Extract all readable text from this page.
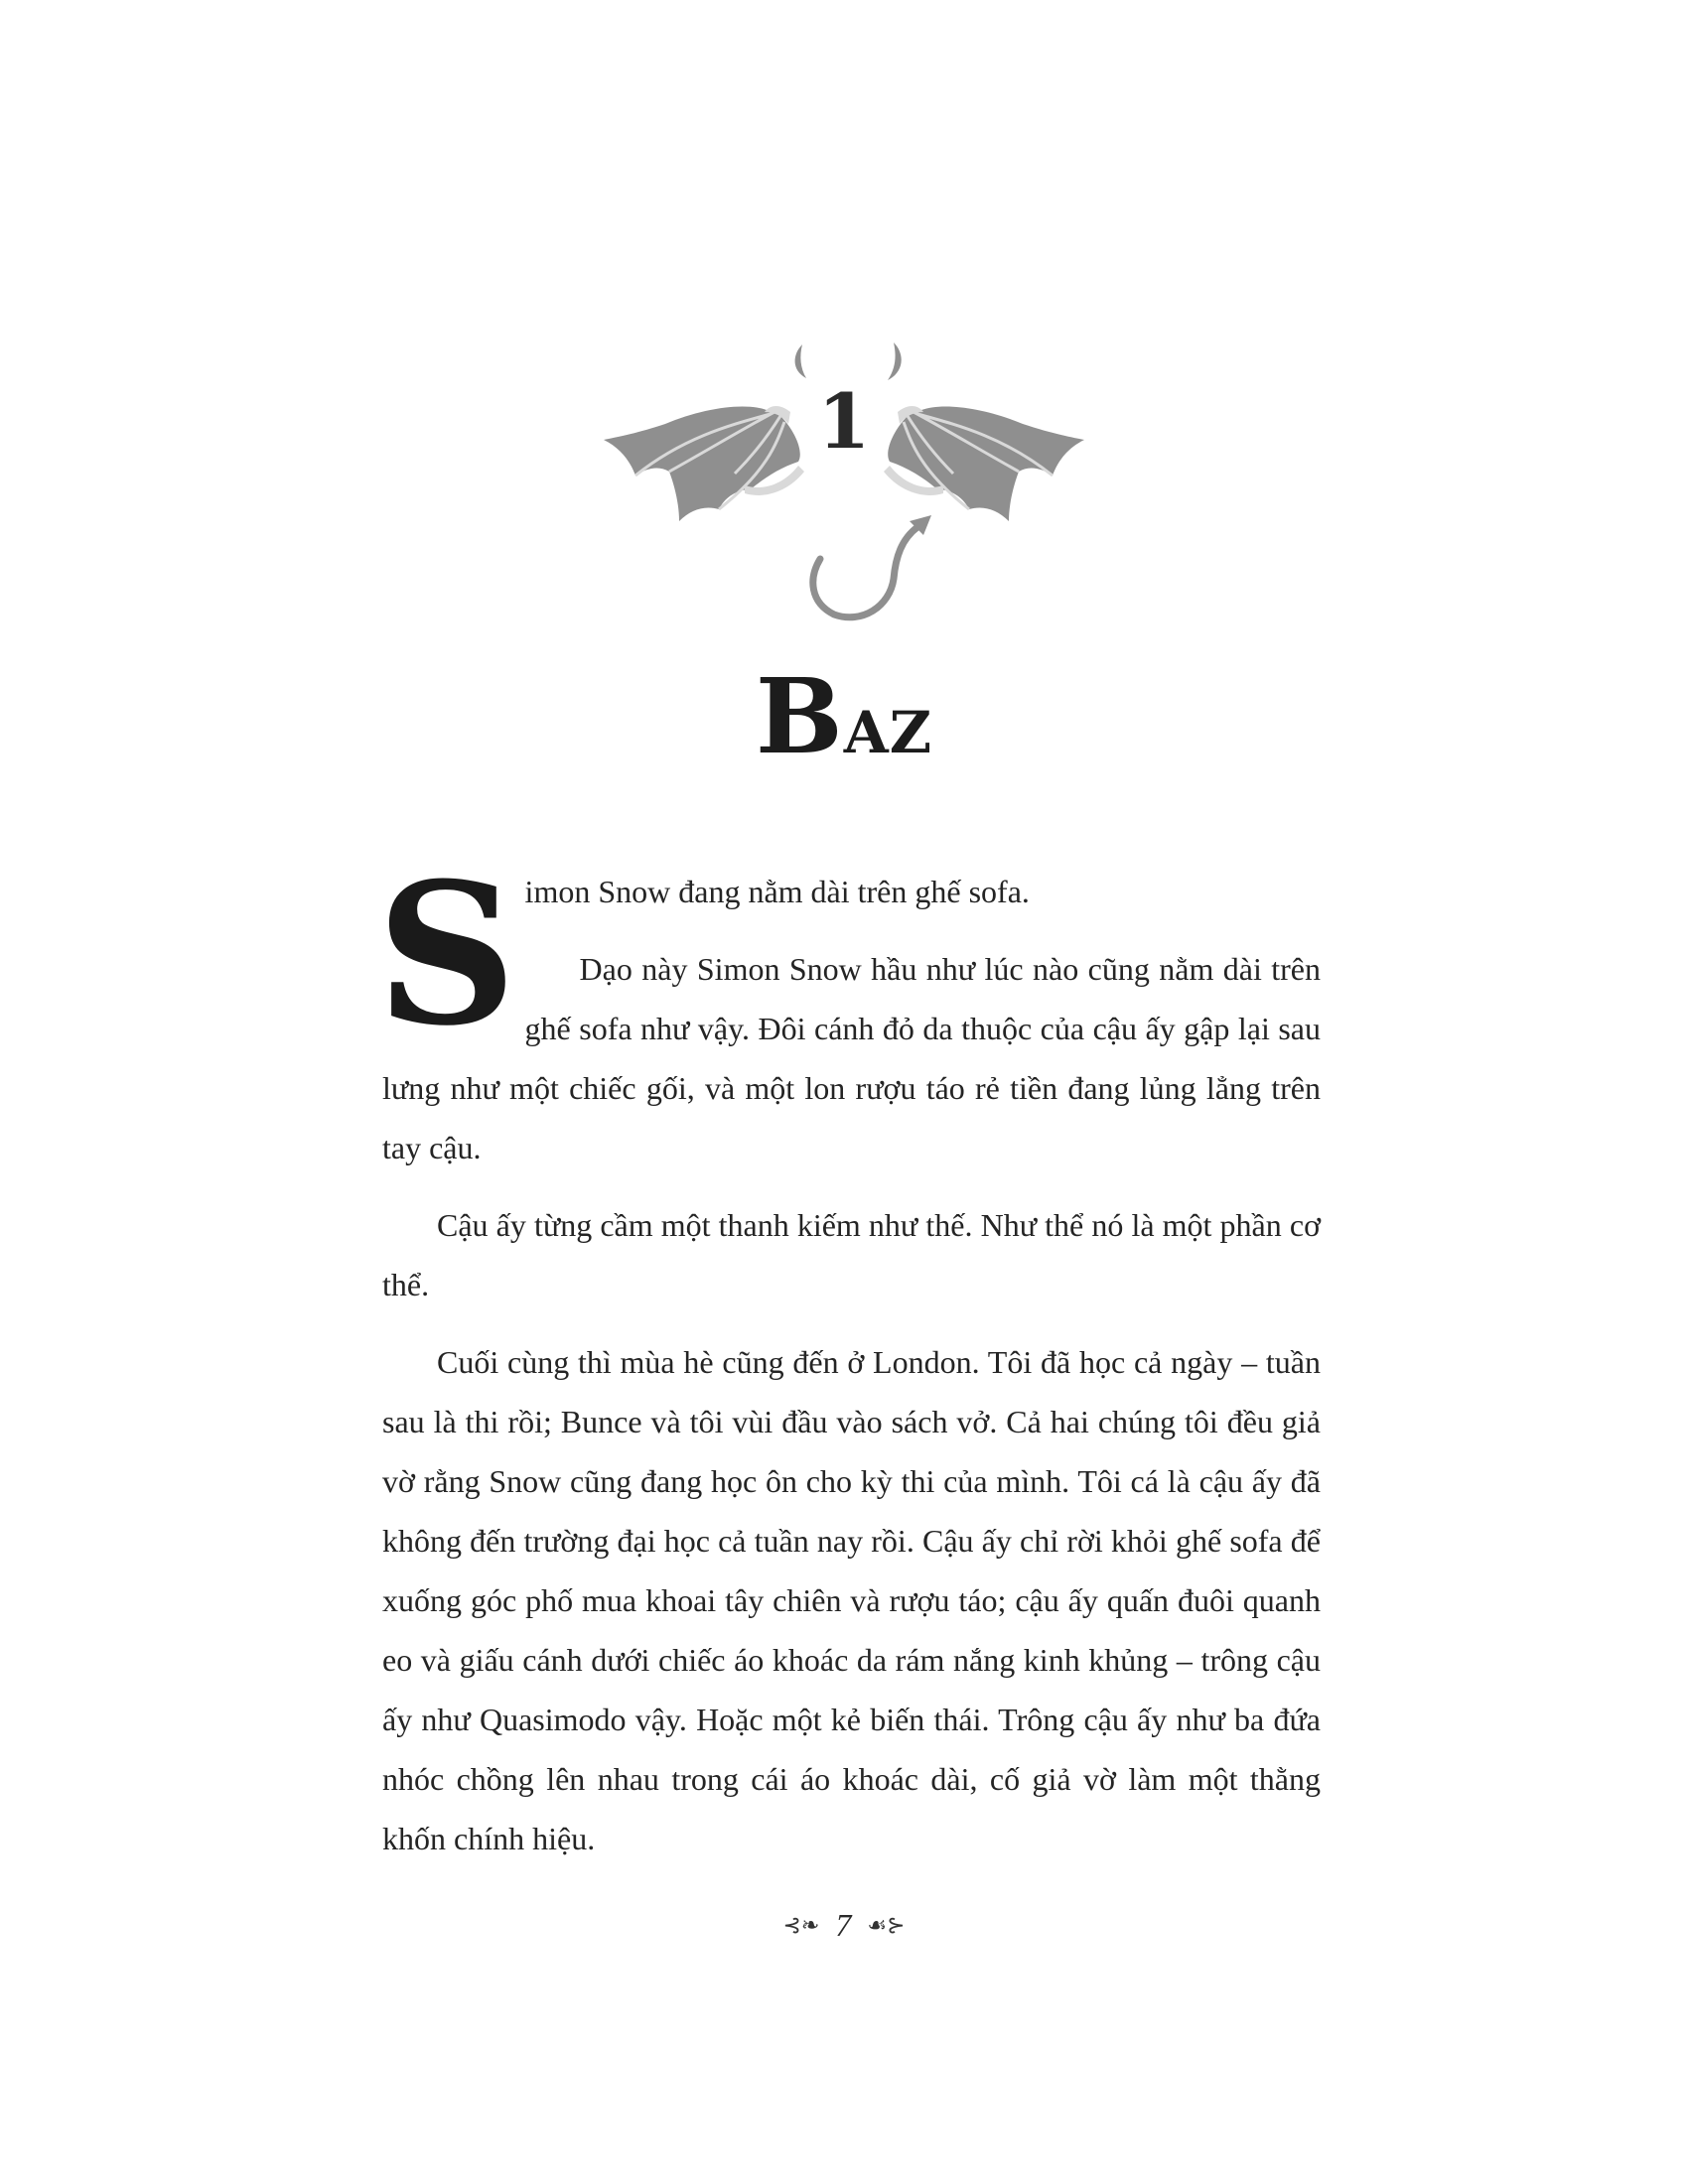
1
BAZ

Simon Snow đang nằm dài trên ghế sofa.

Dạo này Simon Snow hầu như lúc nào cũng nằm dài trên ghế sofa như vậy. Đôi cánh đỏ da thuộc của cậu ấy gập lại sau lưng như một chiếc gối, và một lon rượu táo rẻ tiền đang lủng lẳng trên tay cậu.

Cậu ấy từng cầm một thanh kiếm như thế. Như thể nó là một phần cơ thể.

Cuối cùng thì mùa hè cũng đến ở London. Tôi đã học cả ngày – tuần sau là thi rồi; Bunce và tôi vùi đầu vào sách vở. Cả hai chúng tôi đều giả vờ rằng Snow cũng đang học ôn cho kỳ thi của mình. Tôi cá là cậu ấy đã không đến trường đại học cả tuần nay rồi. Cậu ấy chỉ rời khỏi ghế sofa để xuống góc phố mua khoai tây chiên và rượu táo; cậu ấy quấn đuôi quanh eo và giấu cánh dưới chiếc áo khoác da rám nắng kinh khủng – trông cậu ấy như Quasimodo vậy. Hoặc một kẻ biến thái. Trông cậu ấy như ba đứa nhóc chồng lên nhau trong cái áo khoác dài, cố giả vờ làm một thằng khốn chính hiệu.

⊰❧ 7 ☙⊱
